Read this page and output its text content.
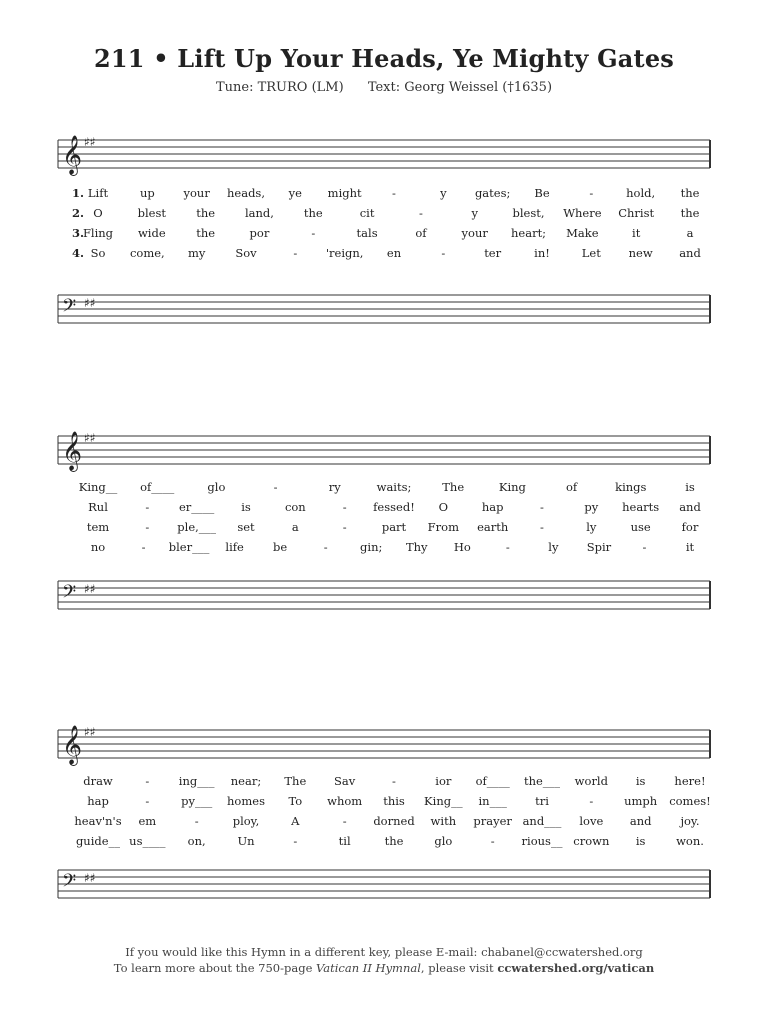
211 • Lift Up Your Heads, Ye Mighty Gates
Tune: TRURO (LM) Text: Georg Weissel (†1635)
𝄞 ♯♯
1. Lift	up	your heads, ye might	-	y gates; Be	-	hold, the
2. O	blest	the	land,	the	cit	-	y	blest, Where Christ the
3.
Fling wide	the	por	-	tals	of	your heart; Make	it	a
4. So come, my	Sov	- 'reign, en	-	ter	in!	Let new and
𝄢 ♯♯
𝄞 ♯♯
King__ of____	glo	-	ry	waits;	The	King	of	kings	is
Rul	-	er____ is	con	- fessed! O	hap	-	py hearts and
tem	- ple,___ set	a	-	part From earth	-	ly	use	for
no	- bler___ life	be	-	gin; Thy Ho	-	ly Spir	-	it
𝄢 ♯♯
𝄞 ♯♯
draw	-	ing___ near; The Sav	-	ior of____ the___ world is	here!
hap	-	py___ homes To whom this King__ in___ tri	-	umph comes!
heav'n's em	-	ploy,	A	- dorned with prayer and___ love and	joy.
guide__ us____ on,	Un	-	til	the	glo	- rious__ crown is	won.
𝄢 ♯♯
If you would like this Hymn in a different key, please E-mail: chabanel@ccwatershed.org
To learn more about the 750-page Vatican II Hymnal, please visit ccwatershed.org/vatican
